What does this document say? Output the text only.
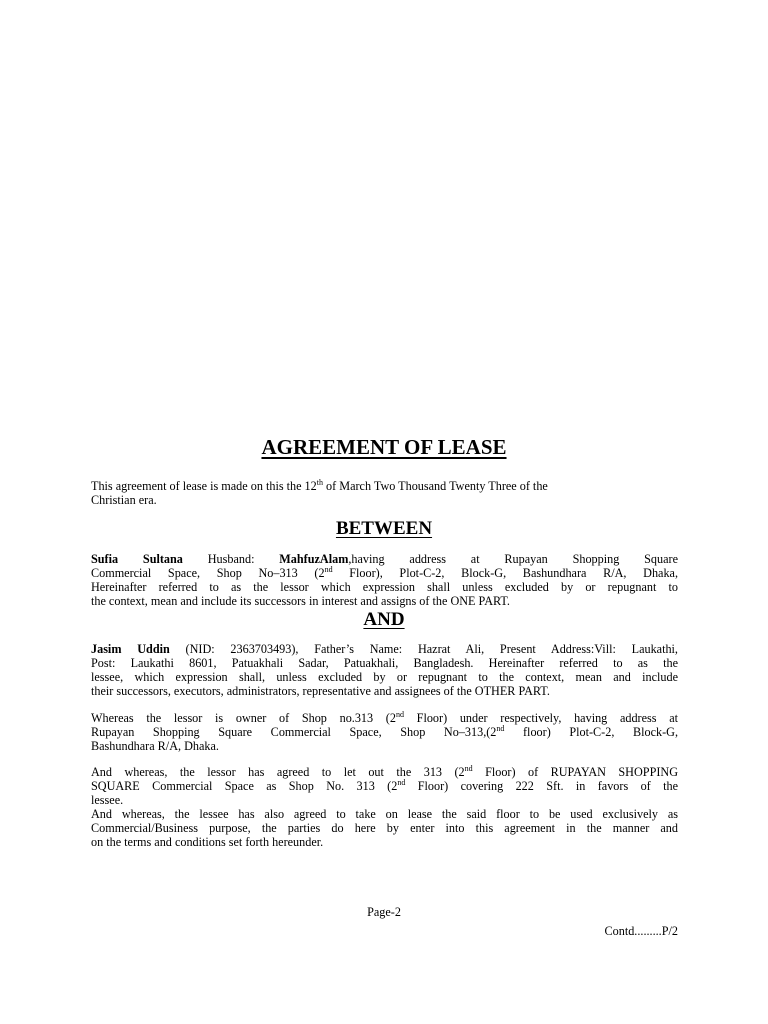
AGREEMENT OF LEASE
This agreement of lease is made on this the 12th of March Two Thousand Twenty Three of the
Christian era.
BETWEEN
Sufia Sultana Husband: MahfuzAlam,having address at Rupayan Shopping Square
Commercial Space, Shop No–313 (2nd Floor), Plot-C-2, Block-G, Bashundhara R/A, Dhaka,
Hereinafter referred to as the lessor which expression shall unless excluded by or repugnant to
the context, mean and include its successors in interest and assigns of the ONE PART.
AND
Jasim Uddin (NID: 2363703493), Father’s Name: Hazrat Ali, Present Address:Vill: Laukathi,
Post: Laukathi 8601, Patuakhali Sadar, Patuakhali, Bangladesh. Hereinafter referred to as the
lessee, which expression shall, unless excluded by or repugnant to the context, mean and include
their successors, executors, administrators, representative and assignees of the OTHER PART.
Whereas the lessor is owner of Shop no.313 (2nd Floor) under respectively, having address at
Rupayan Shopping Square Commercial Space, Shop No–313,(2nd floor) Plot-C-2, Block-G,
Bashundhara R/A, Dhaka.
And whereas, the lessor has agreed to let out the 313 (2nd Floor) of RUPAYAN SHOPPING
SQUARE Commercial Space as Shop No. 313 (2nd Floor) covering 222 Sft. in favors of the
lessee.
And whereas, the lessee has also agreed to take on lease the said floor to be used exclusively as
Commercial/Business purpose, the parties do here by enter into this agreement in the manner and
on the terms and conditions set forth hereunder.
Page-2
Contd.........P/2
